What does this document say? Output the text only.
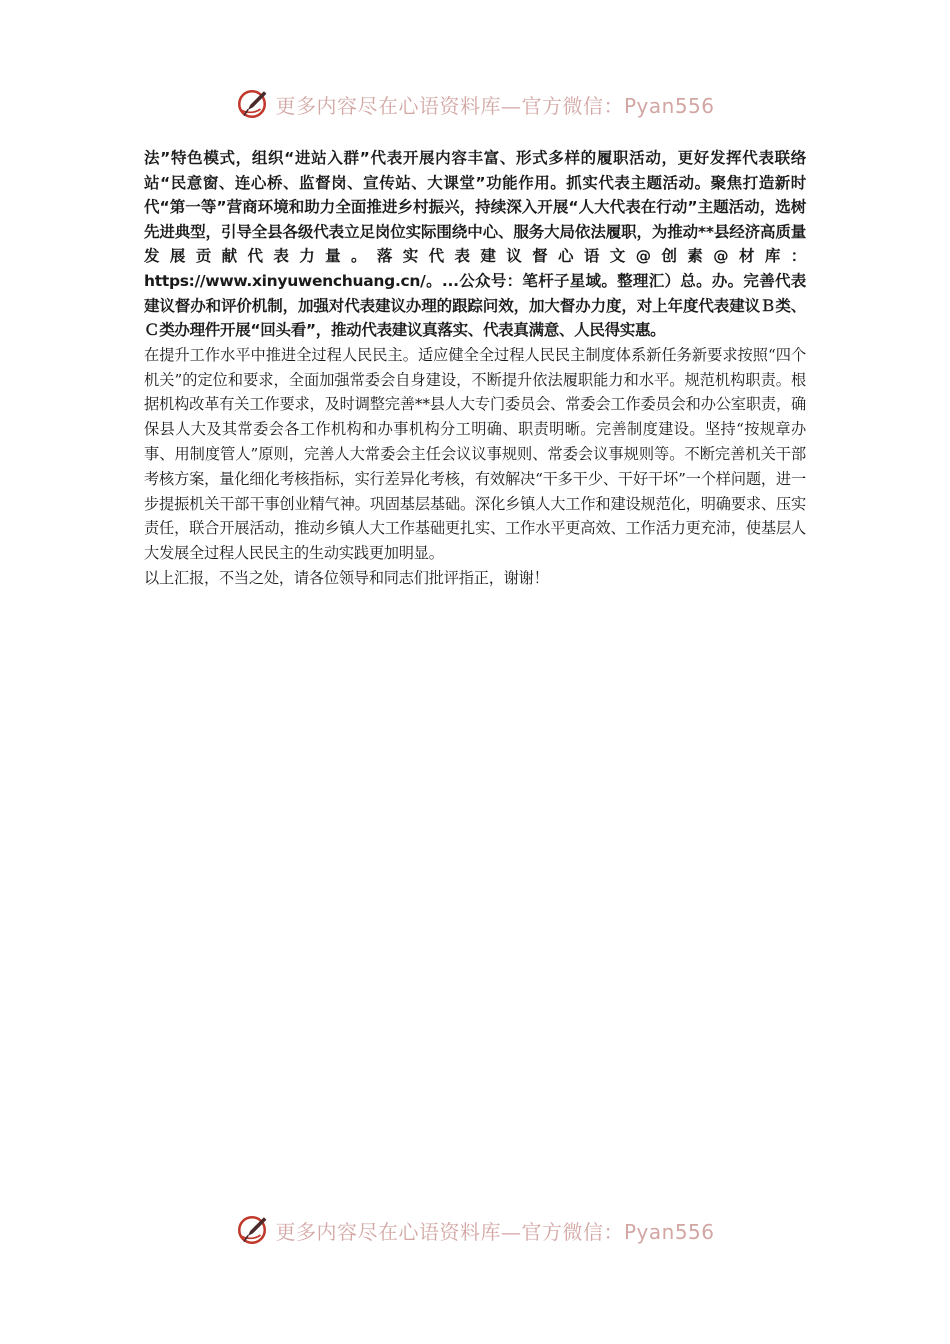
更多内容尽在心语资料库—官方微信：Pyan556

法”特色模式，组织“进站入群”代表开展内容丰富、形式多样的履职活动，更好发挥代表联络站“民意窗、连心桥、监督岗、宣传站、大课堂”功能作用。抓实代表主题活动。聚焦打造新时代“第一等”营商环境和助力全面推进乡村振兴，持续深入开展“人大代表在行动”主题活动，选树先进典型，引导全县各级代表立足岗位实际围绕中心、服务大局依法履职，为推动**县经济高质量发展贡献代表力量。落实代表建议督心语文@创素@材库：https://www.xinyuwenchuang.cn/。...公众号：笔杆子星域。整理汇）总。办。完善代表建议督办和评价机制，加强对代表建议办理的跟踪问效，加大督办力度，对上年度代表建议Ｂ类、Ｃ类办理件开展“回头看”，推动代表建议真落实、代表真满意、人民得实惠。

在提升工作水平中推进全过程人民民主。适应健全全过程人民民主制度体系新任务新要求按照“四个机关”的定位和要求，全面加强常委会自身建设，不断提升依法履职能力和水平。规范机构职责。根据机构改革有关工作要求，及时调整完善**县人大专门委员会、常委会工作委员会和办公室职责，确保县人大及其常委会各工作机构和办事机构分工明确、职责明晰。完善制度建设。坚持“按规章办事、用制度管人”原则，完善人大常委会主任会议议事规则、常委会议事规则等。不断完善机关干部考核方案，量化细化考核指标，实行差异化考核，有效解决“干多干少、干好干坏”一个样问题，进一步提振机关干部干事创业精气神。巩固基层基础。深化乡镇人大工作和建设规范化，明确要求、压实责任，联合开展活动，推动乡镇人大工作基础更扎实、工作水平更高效、工作活力更充沛，使基层人大发展全过程人民民主的生动实践更加明显。

以上汇报，不当之处，请各位领导和同志们批评指正，谢谢！

更多内容尽在心语资料库—官方微信：Pyan556
